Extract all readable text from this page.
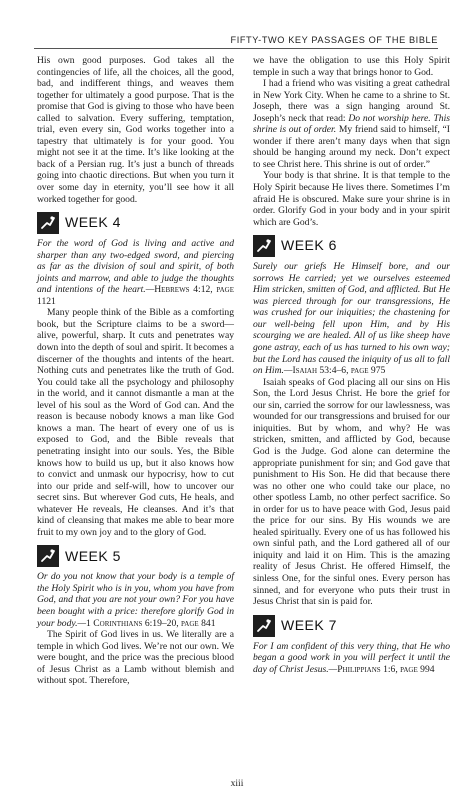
FIFTY-TWO KEY PASSAGES OF THE BIBLE

His own good purposes. God takes all the contingencies of life, all the choices, all the good, bad, and indifferent things, and weaves them together for ultimately a good purpose. That is the promise that God is giving to those who have been called to salvation. Every suffering, temptation, trial, even every sin, God works together into a tapestry that ultimately is for your good. You might not see it at the time. It’s like looking at the back of a Persian rug. It’s just a bunch of threads going into chaotic directions. But when you turn it over some day in eternity, you’ll see how it all worked together for good.

WEEK 4

For the word of God is living and active and sharper than any two-edged sword, and piercing as far as the division of soul and spirit, of both joints and marrow, and able to judge the thoughts and intentions of the heart.—Hebrews 4:12, page 1121

Many people think of the Bible as a comforting book, but the Scripture claims to be a sword—alive, powerful, sharp. It cuts and penetrates way down into the depth of soul and spirit. It becomes a discerner of the thoughts and intents of the heart. Nothing cuts and penetrates like the truth of God. You could take all the psychology and philosophy in the world, and it cannot dismantle a man at the level of his soul as the Word of God can. And the reason is because nobody knows a man like God knows a man. The heart of every one of us is exposed to God, and the Bible reveals that penetrating insight into our souls. Yes, the Bible knows how to build us up, but it also knows how to convict and unmask our hypocrisy, how to cut into our pride and self-will, how to uncover our secret sins. But wherever God cuts, He heals, and whatever He reveals, He cleanses. And it’s that kind of cleansing that makes me able to bear more fruit to my own joy and to the glory of God.

WEEK 5

Or do you not know that your body is a temple of the Holy Spirit who is in you, whom you have from God, and that you are not your own? For you have been bought with a price: therefore glorify God in your body.—1 Corinthians 6:19–20, page 841

The Spirit of God lives in us. We literally are a temple in which God lives. We’re not our own. We were bought, and the price was the precious blood of Jesus Christ as a Lamb without blemish and without spot. Therefore,

we have the obligation to use this Holy Spirit temple in such a way that brings honor to God.

I had a friend who was visiting a great cathedral in New York City. When he came to a shrine to St. Joseph, there was a sign hanging around St. Joseph’s neck that read: Do not worship here. This shrine is out of order. My friend said to himself, “I wonder if there aren’t many days when that sign should be hanging around my neck. Don’t expect to see Christ here. This shrine is out of order.”

Your body is that shrine. It is that temple to the Holy Spirit because He lives there. Sometimes I’m afraid He is obscured. Make sure your shrine is in order. Glorify God in your body and in your spirit which are God’s.

WEEK 6

Surely our griefs He Himself bore, and our sorrows He carried; yet we ourselves esteemed Him stricken, smitten of God, and afflicted. But He was pierced through for our transgressions, He was crushed for our iniquities; the chastening for our well-being fell upon Him, and by His scourging we are healed. All of us like sheep have gone astray, each of us has turned to his own way; but the Lord has caused the iniquity of us all to fall on Him.—Isaiah 53:4–6, page 975

Isaiah speaks of God placing all our sins on His Son, the Lord Jesus Christ. He bore the grief for our sin, carried the sorrow for our lawlessness, was wounded for our transgressions and bruised for our iniquities. But by whom, and why? He was stricken, smitten, and afflicted by God, because God is the Judge. God alone can determine the appropriate punishment for sin; and God gave that punishment to His Son. He did that because there was no other one who could take our place, no other spotless Lamb, no other perfect sacrifice. So in order for us to have peace with God, Jesus paid the price for our sins. By His wounds we are healed spiritually. Every one of us has followed his own sinful path, and the Lord gathered all of our iniquity and laid it on Him. This is the amazing reality of Jesus Christ. He offered Himself, the sinless One, for the sinful ones. Every person has sinned, and for everyone who puts their trust in Jesus Christ that sin is paid for.

WEEK 7

For I am confident of this very thing, that He who began a good work in you will perfect it until the day of Christ Jesus.—Philippians 1:6, page 994

xiii
